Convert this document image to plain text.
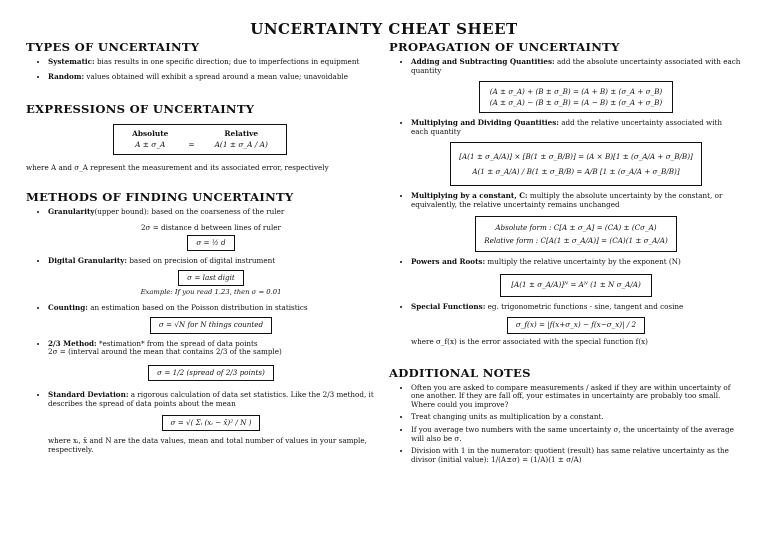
UNCERTAINTY CHEAT SHEET
TYPES OF UNCERTAINTY
• Systematic: bias results in one specific direction; due to imperfections in equipment
• Random: values obtained will exhibit a spread around a mean value; unavoidable
EXPRESSIONS OF UNCERTAINTY
Absolute		Relative
A ± σ_A	=	A(1 ± σ_A / A)
where A and σ_A represent the measurement and its associated error, respectively
METHODS OF FINDING UNCERTAINTY
• Granularity(upper bound): based on the coarseness of the ruler
2σ = distance d between lines of ruler
σ = ½ d
• Digital Granularity: based on precision of digital instrument
σ = last digit
Example: If you read 1.23, then σ = 0.01
• Counting: an estimation based on the Poisson distribution in statistics
σ = √N for N things counted
• 2/3 Method: *estimation* from the spread of data points
2σ = (interval around the mean that contains 2/3 of the sample)
σ = 1/2 (spread of 2/3 points)
• Standard Deviation: a rigorous calculation of data set statistics. Like the 2/3 method, it describes the spread of data points about the mean
σ = √( Σᵢ (xᵢ − x̄)² / N )
where xᵢ, x̄ and N are the data values, mean and total number of values in your sample, respectively.
PROPAGATION OF UNCERTAINTY
• Adding and Subtracting Quantities: add the absolute uncertainty associated with each quantity
(A ± σ_A) + (B ± σ_B) = (A + B) ± (σ_A + σ_B)
(A ± σ_A) − (B ± σ_B) = (A − B) ± (σ_A + σ_B)
• Multiplying and Dividing Quantities: add the relative uncertainty associated with each quantity
[A(1 ± σ_A/A)] × [B(1 ± σ_B/B)] = (A × B)[1 ± (σ_A/A + σ_B/B)]
A(1 ± σ_A/A) / B(1 ± σ_B/B) = A/B [1 ± (σ_A/A + σ_B/B)]
• Multiplying by a constant, C: multiply the absolute uncertainty by the constant, or equivalently, the relative uncertainty remains unchanged
Absolute form : C[A ± σ_A] = (CA) ± (Cσ_A)
Relative form : C[A(1 ± σ_A/A)] = (CA)(1 ± σ_A/A)
• Powers and Roots: multiply the relative uncertainty by the exponent (N)
[A(1 ± σ_A/A)]ᴺ = Aᴺ (1 ± N σ_A/A)
• Special Functions: eg. trigonometric functions - sine, tangent and cosine
σ_f(x) = |f(x+σ_x) − f(x−σ_x)| / 2
where σ_f(x) is the error associated with the special function f(x)
ADDITIONAL NOTES
• Often you are asked to compare measurements / asked if they are within uncertainty of one another. If they are fall off, your estimates in uncertainty are probably too small. Where could you improve?
• Treat changing units as multiplication by a constant.
• If you average two numbers with the same uncertainty σ, the uncertainty of the average will also be σ.
• Division with 1 in the numerator: quotient (result) has same relative uncertainty as the divisor (initial value): 1/(A±σ) = (1/A)(1 ± σ/A)
